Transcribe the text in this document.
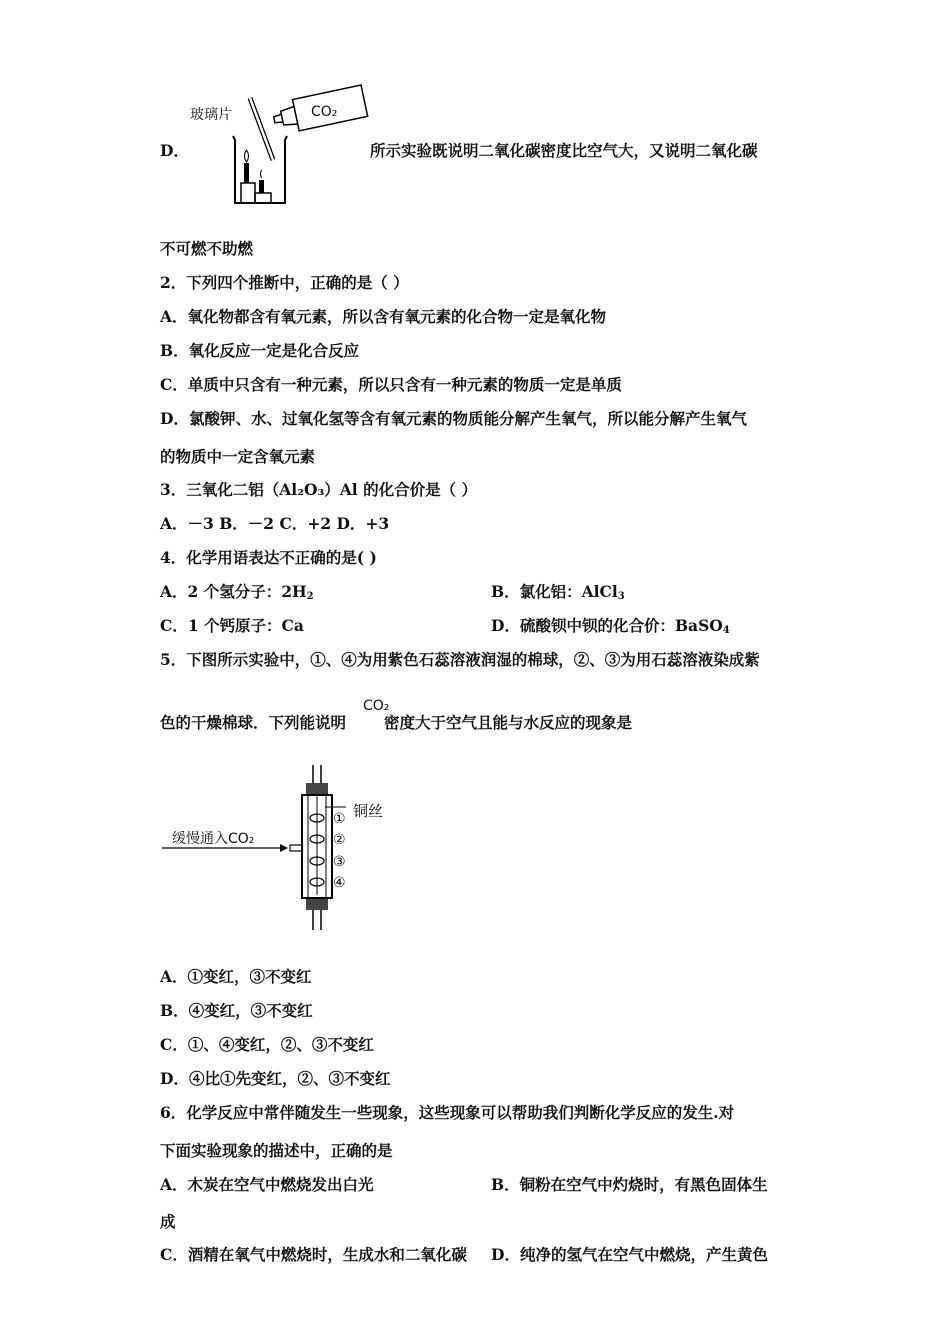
D．
玻璃片	CO₂
所示实验既说明二氧化碳密度比空气大，又说明二氧化碳
不可燃不助燃
2．下列四个推断中，正确的是（ ）
A．氧化物都含有氧元素，所以含有氧元素的化合物一定是氧化物
B．氧化反应一定是化合反应
C．单质中只含有一种元素，所以只含有一种元素的物质一定是单质
D．氯酸钾、水、过氧化氢等含有氧元素的物质能分解产生氧气，所以能分解产生氧气
的物质中一定含氧元素
3．三氧化二铝（Al₂O₃）Al 的化合价是（ ）
A．－3 B．－2 C．+2 D．+3
4．化学用语表达不正确的是( )
A．2 个氢分子：$2H_2$	B．氯化铝：AlCl$_3$
C．1 个钙原子：Ca	D．硫酸钡中钡的化合价：BaSO$_4$
5．下图所示实验中，①、④为用紫色石蕊溶液润湿的棉球，②、③为用石蕊溶液染成紫
色的干燥棉球．下列能说明 密度大于空气且能与水反应的现象是
CO₂
缓慢通入CO₂
铜丝
①
②
③
④
A．①变红，③不变红
B．④变红，③不变红
C．①、④变红，②、③不变红
D．④比①先变红，②、③不变红
6．化学反应中常伴随发生一些现象，这些现象可以帮助我们判断化学反应的发生.对
下面实验现象的描述中，正确的是
A．木炭在空气中燃烧发出白光	B．铜粉在空气中灼烧时，有黑色固体生
成
C．酒精在氧气中燃烧时，生成水和二氧化碳 D．纯净的氢气在空气中燃烧，产生黄色
